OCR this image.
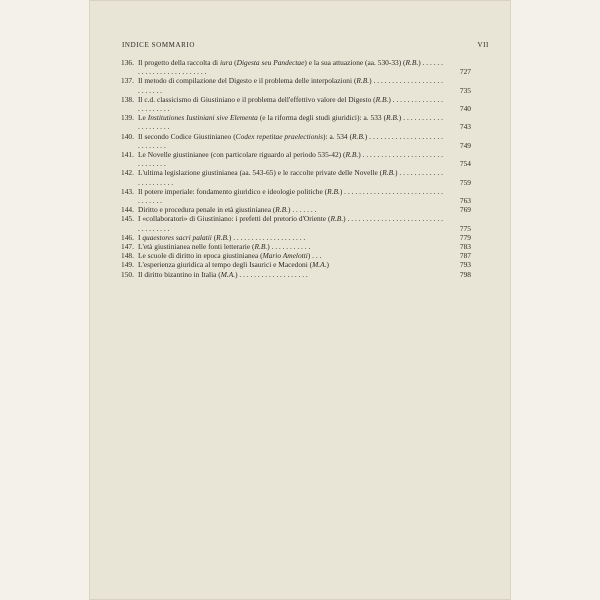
INDICE SOMMARIO	VII
136. Il progetto della raccolta di iura (Digesta seu Pandectae) e la sua attuazione (aa. 530-33) (R.B.) . . . . . . . . . . . . . . . . . . . . . . . . .	727
137. Il metodo di compilazione del Digesto e il problema delle interpolazioni (R.B.) . . . . . . . . . . . . . . . . . . . . . . . . . .	735
138. Il c.d. classicismo di Giustiniano e il problema dell'effettivo valore del Digesto (R.B.) . . . . . . . . . . . . . . . . . . . . . . .	740
139. Le Institutiones Iustiniani sive Elementa (e la riforma degli studi giuridici): a. 533 (R.B.) . . . . . . . . . . . . . . . . . . . .	743
140. Il secondo Codice Giustinianeo (Codex repetitae praelectionis): a. 534 (R.B.) . . . . . . . . . . . . . . . . . . . . . . . . . . . .	749
141. Le Novelle giustinianee (con particolare riguardo al periodo 535-42) (R.B.) . . . . . . . . . . . . . . . . . . . . . . . . . . . . . .	754
142. L'ultima legislazione giustinianea (aa. 543-65) e le raccolte private delle Novelle (R.B.) . . . . . . . . . . . . . . . . . . . . . .	759
143. Il potere imperiale: fondamento giuridico e ideologie politiche (R.B.) . . . . . . . . . . . . . . . . . . . . . . . . . . . . . . . . . .	763
144. Diritto e procedura penale in età giustinianea (R.B.) . . . . . . .	769
145. I «collaboratori» di Giustiniano: i prefetti del pretorio d'Oriente (R.B.) . . . . . . . . . . . . . . . . . . . . . . . . . . . . . . . . . . .	775
146. I quaestores sacri palatii (R.B.) . . . . . . . . . . . . . . . . . . . .	779
147. L'età giustinianea nelle fonti letterarie (R.B.) . . . . . . . . . . .	783
148. Le scuole di diritto in epoca giustinianea (Mario Amelotti) . . .	787
149. L'esperienza giuridica al tempo degli Isaurici e Macedoni (M.A.)	793
150. Il diritto bizantino in Italia (M.A.) . . . . . . . . . . . . . . . . . . .	798
